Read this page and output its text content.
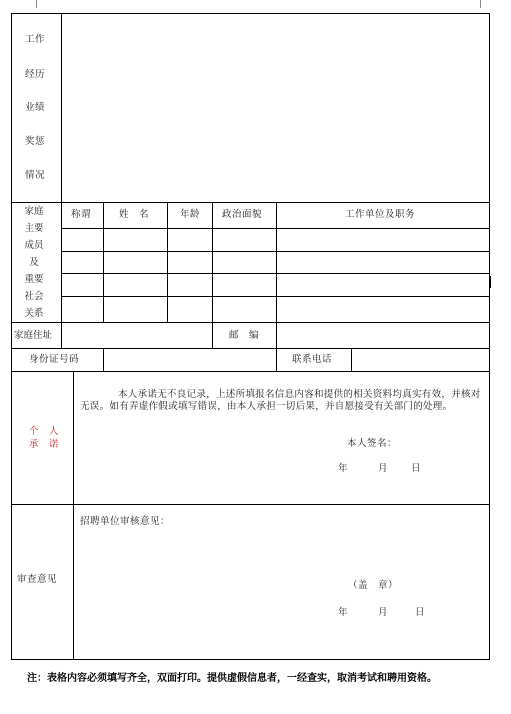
工作
经历
业绩
奖惩
情况
家庭
主要
成员
及
重要
社会
关系
称谓	姓　名	年龄 政治面貌	工作单位及职务
家庭住址	邮　编
身份证号码	联系电话
个　人
承　诺
本人承诺无不良记录，上述所填报名信息内容和提供的相关资料均真实有效，并核对无误。如有弄虚作假或填写错误，由本人承担一切后果，并自愿接受有关部门的处理。
本人签名：
年	月 日
审查意见
招聘单位审核意见：
（盖　章）
年	月	日
注：表格内容必须填写齐全，双面打印。提供虚假信息者，一经查实，取消考试和聘用资格。
